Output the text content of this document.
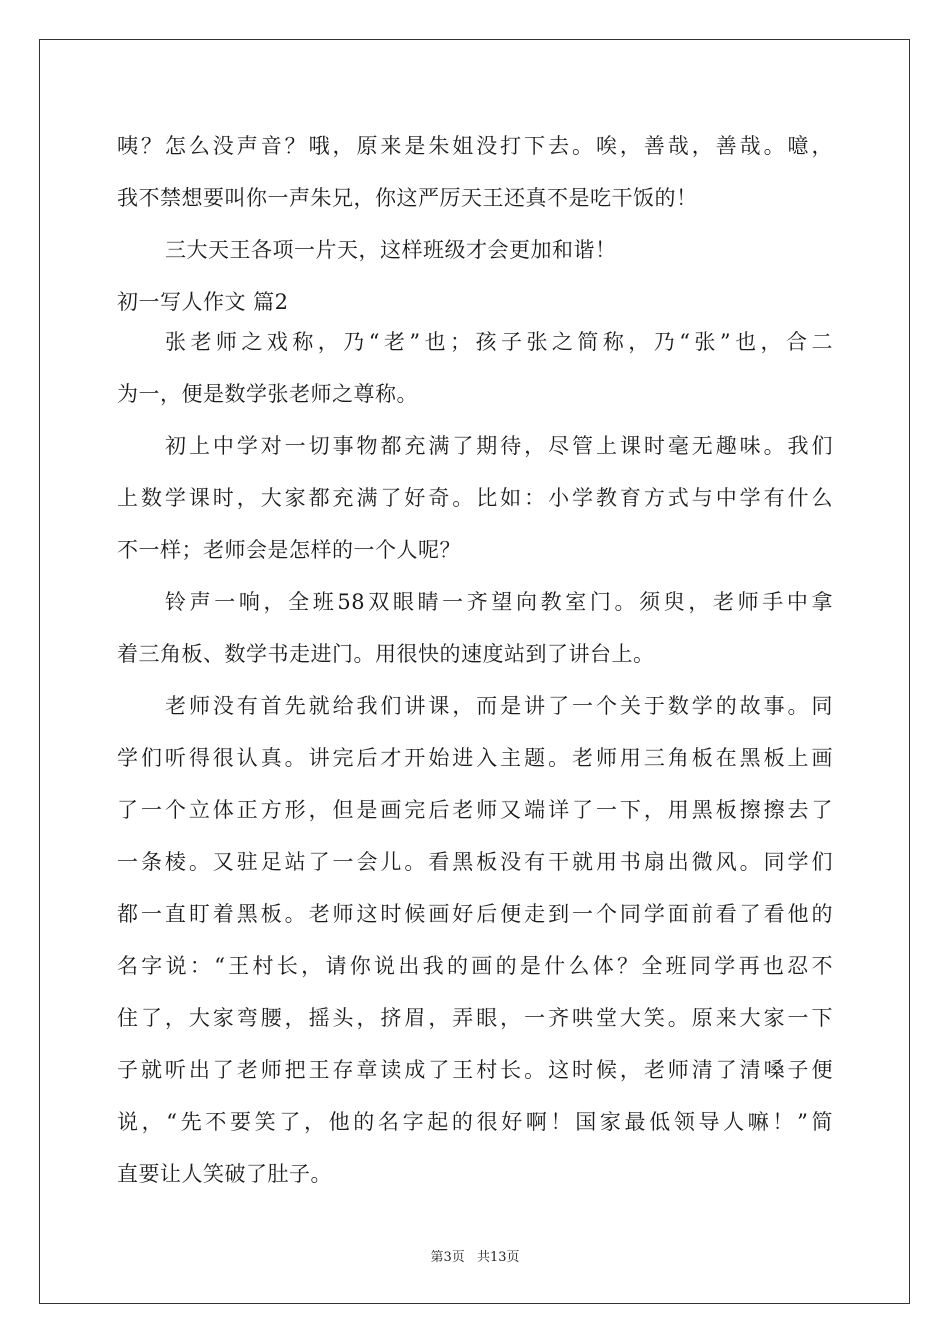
咦？怎么没声音？哦，原来是朱姐没打下去。唉，善哉，善哉。噫，
我不禁想要叫你一声朱兄，你这严厉天王还真不是吃干饭的！
三大天王各项一片天，这样班级才会更加和谐！
初一写人作文 篇2
张老师之戏称，乃“老”也；孩子张之简称，乃“张”也，合二
为一，便是数学张老师之尊称。
初上中学对一切事物都充满了期待，尽管上课时毫无趣味。我们
上数学课时，大家都充满了好奇。比如：小学教育方式与中学有什么
不一样；老师会是怎样的一个人呢？
铃声一响，全班58双眼睛一齐望向教室门。须臾，老师手中拿
着三角板、数学书走进门。用很快的速度站到了讲台上。
老师没有首先就给我们讲课，而是讲了一个关于数学的故事。同
学们听得很认真。讲完后才开始进入主题。老师用三角板在黑板上画
了一个立体正方形，但是画完后老师又端详了一下，用黑板擦擦去了
一条棱。又驻足站了一会儿。看黑板没有干就用书扇出微风。同学们
都一直盯着黑板。老师这时候画好后便走到一个同学面前看了看他的
名字说：“王村长，请你说出我的画的是什么体？全班同学再也忍不
住了，大家弯腰，摇头，挤眉，弄眼，一齐哄堂大笑。原来大家一下
子就听出了老师把王存章读成了王村长。这时候，老师清了清嗓子便
说，“先不要笑了，他的名字起的很好啊！国家最低领导人嘛！”简
直要让人笑破了肚子。
第3页 共13页
